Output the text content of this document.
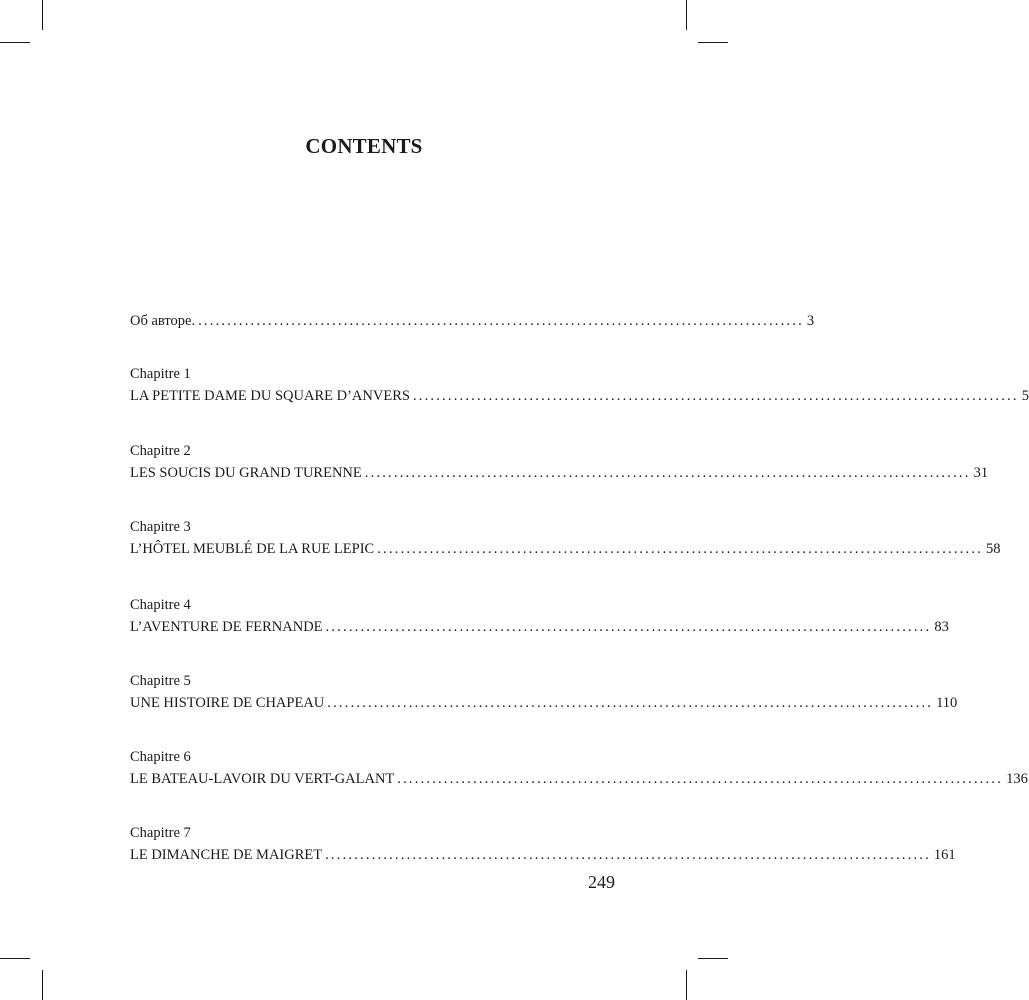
CONTENTS
Об авторе. ........................................................................................................ 3
Chapitre 1
LA PETITE DAME DU SQUARE D’ANVERS ........................................................................................................ 5
Chapitre 2
LES SOUCIS DU GRAND TURENNE ........................................................................................................ 31
Chapitre 3
L’HÔTEL MEUBLÉ DE LA RUE LEPIC ........................................................................................................ 58
Chapitre 4
L’AVENTURE DE FERNANDE ........................................................................................................ 83
Chapitre 5
UNE HISTOIRE DE CHAPEAU ........................................................................................................ 110
Chapitre 6
LE BATEAU-LAVOIR DU VERT-GALANT ........................................................................................................ 136
Chapitre 7
LE DIMANCHE DE MAIGRET ........................................................................................................ 161
249
